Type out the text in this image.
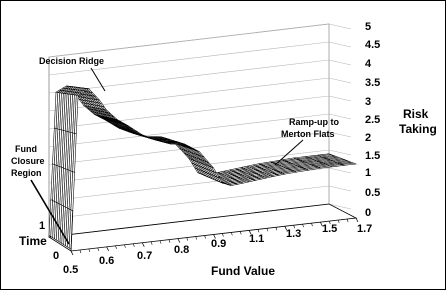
0
0.5
1
1.5
2
2.5
3
3.5
4
4.5
5
0.5
0.6 0.7 0.8 0.9 1.1 1.3 1.5 1.7
1
0
Fund Value
Time
Risk
Taking
Decision Ridge
Ramp-up to
Merton Flats
Fund
Closure
Region
